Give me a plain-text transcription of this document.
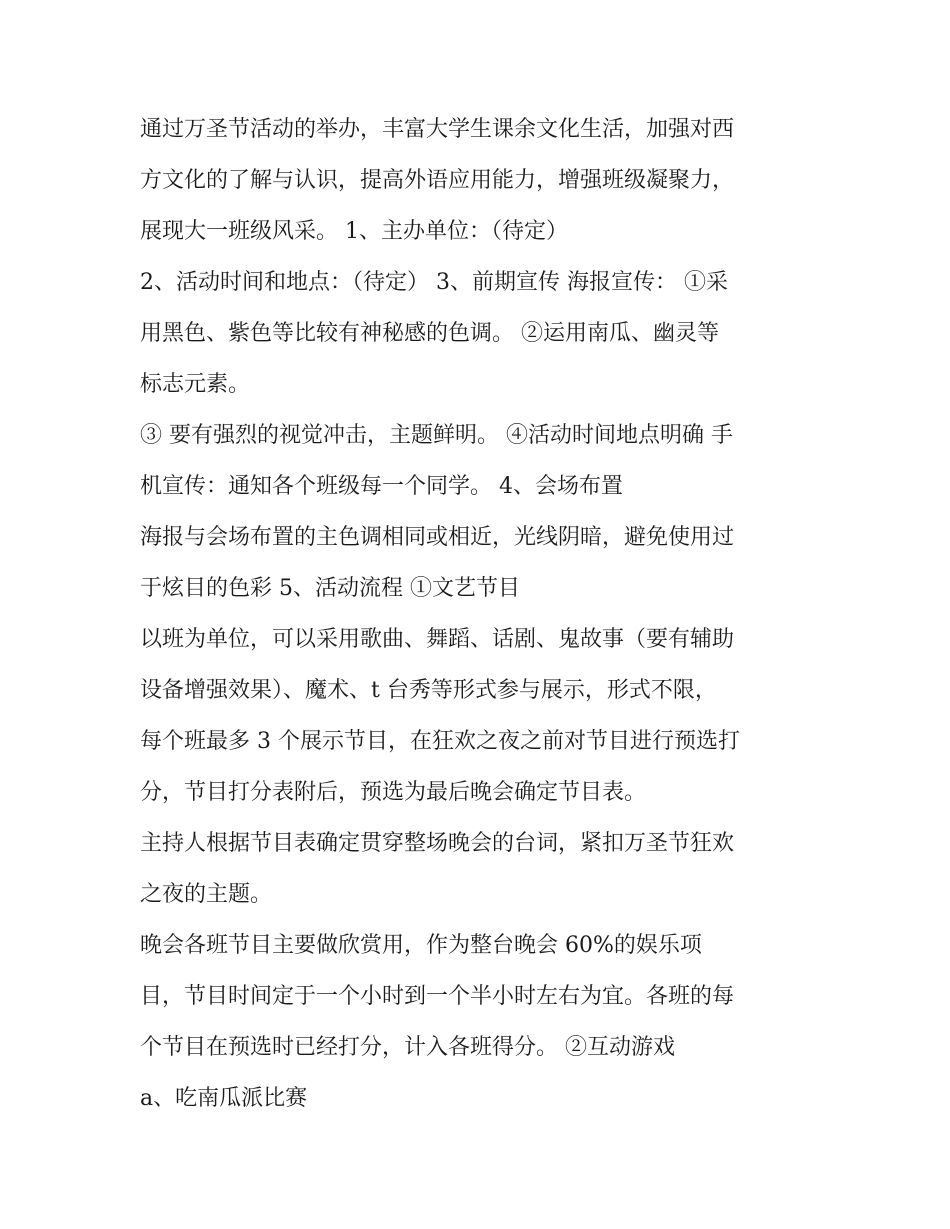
通过万圣节活动的举办，丰富大学生课余文化生活，加强对西
方文化的了解与认识，提高外语应用能力，增强班级凝聚力，
展现大一班级风采。 1、主办单位：（待定）
2、活动时间和地点：（待定） 3、前期宣传 海报宣传： ①采
用黑色、紫色等比较有神秘感的色调。 ②运用南瓜、幽灵等
标志元素。
③ 要有强烈的视觉冲击，主题鲜明。 ④活动时间地点明确 手
机宣传：通知各个班级每一个同学。 4、会场布置
海报与会场布置的主色调相同或相近，光线阴暗，避免使用过
于炫目的色彩 5、活动流程 ①文艺节目
以班为单位，可以采用歌曲、舞蹈、话剧、鬼故事（要有辅助
设备增强效果）、魔术、t 台秀等形式参与展示，形式不限，
每个班最多 3 个展示节目，在狂欢之夜之前对节目进行预选打
分，节目打分表附后，预选为最后晚会确定节目表。
主持人根据节目表确定贯穿整场晚会的台词，紧扣万圣节狂欢
之夜的主题。
晚会各班节目主要做欣赏用，作为整台晚会 60%的娱乐项
目，节目时间定于一个小时到一个半小时左右为宜。各班的每
个节目在预选时已经打分，计入各班得分。 ②互动游戏
a、吃南瓜派比赛
